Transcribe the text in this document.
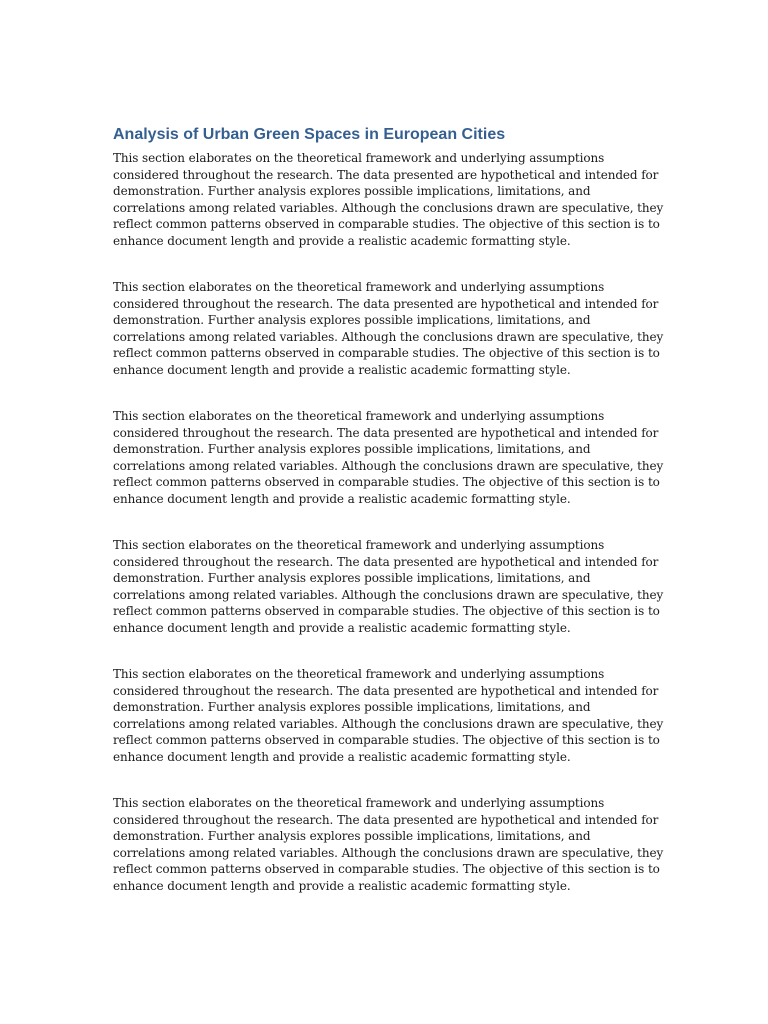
Analysis of Urban Green Spaces in European Cities

This section elaborates on the theoretical framework and underlying assumptions
considered throughout the research. The data presented are hypothetical and intended for
demonstration. Further analysis explores possible implications, limitations, and
correlations among related variables. Although the conclusions drawn are speculative, they
reflect common patterns observed in comparable studies. The objective of this section is to
enhance document length and provide a realistic academic formatting style.

This section elaborates on the theoretical framework and underlying assumptions
considered throughout the research. The data presented are hypothetical and intended for
demonstration. Further analysis explores possible implications, limitations, and
correlations among related variables. Although the conclusions drawn are speculative, they
reflect common patterns observed in comparable studies. The objective of this section is to
enhance document length and provide a realistic academic formatting style.

This section elaborates on the theoretical framework and underlying assumptions
considered throughout the research. The data presented are hypothetical and intended for
demonstration. Further analysis explores possible implications, limitations, and
correlations among related variables. Although the conclusions drawn are speculative, they
reflect common patterns observed in comparable studies. The objective of this section is to
enhance document length and provide a realistic academic formatting style.

This section elaborates on the theoretical framework and underlying assumptions
considered throughout the research. The data presented are hypothetical and intended for
demonstration. Further analysis explores possible implications, limitations, and
correlations among related variables. Although the conclusions drawn are speculative, they
reflect common patterns observed in comparable studies. The objective of this section is to
enhance document length and provide a realistic academic formatting style.

This section elaborates on the theoretical framework and underlying assumptions
considered throughout the research. The data presented are hypothetical and intended for
demonstration. Further analysis explores possible implications, limitations, and
correlations among related variables. Although the conclusions drawn are speculative, they
reflect common patterns observed in comparable studies. The objective of this section is to
enhance document length and provide a realistic academic formatting style.

This section elaborates on the theoretical framework and underlying assumptions
considered throughout the research. The data presented are hypothetical and intended for
demonstration. Further analysis explores possible implications, limitations, and
correlations among related variables. Although the conclusions drawn are speculative, they
reflect common patterns observed in comparable studies. The objective of this section is to
enhance document length and provide a realistic academic formatting style.
